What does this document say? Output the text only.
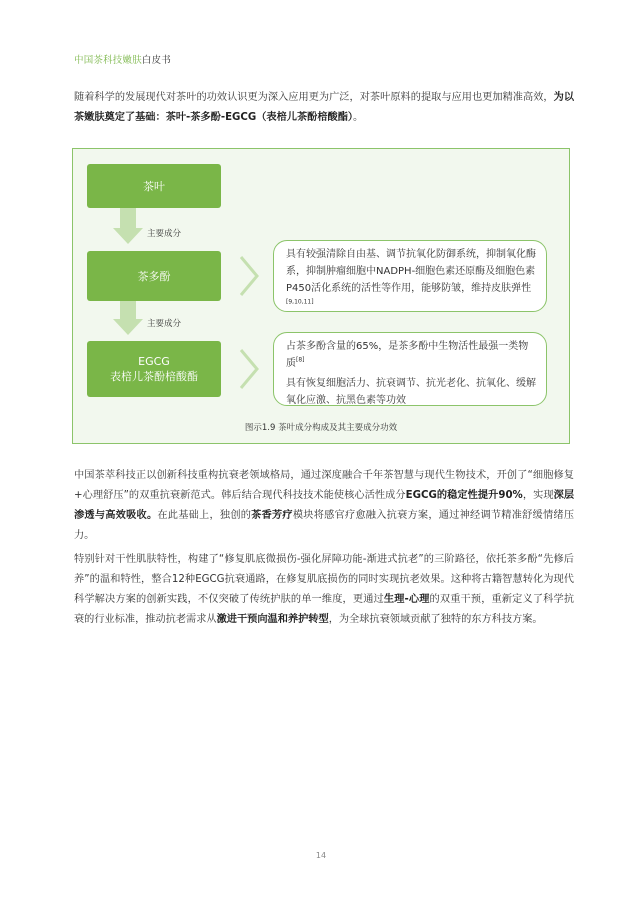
中国茶科技嫩肤白皮书

随着科学的发展现代对茶叶的功效认识更为深入应用更为广泛，对茶叶原料的提取与应用也更加精准高效，为以茶嫩肤奠定了基础：茶叶-茶多酚-EGCG（表棓儿茶酚棓酸酯）。

茶叶
主要成分
茶多酚

具有较强清除自由基、调节抗氧化防御系统，抑制氧化酶系，抑制肿瘤细胞中NADPH-细胞色素还原酶及细胞色素P450活化系统的活性等作用，能够防皱，维持皮肤弹性[9,10,11]

主要成分
EGCG
表棓儿茶酚棓酸酯

占茶多酚含量的65%，是茶多酚中生物活性最强一类物质[8]

具有恢复细胞活力、抗衰调节、抗光老化、抗氧化、缓解氧化应激、抗黑色素等功效

图示1.9 茶叶成分构成及其主要成分功效

中国茶萃科技正以创新科技重构抗衰老领域格局，通过深度融合千年茶智慧与现代生物技术，开创了“细胞修复+心理舒压”的双重抗衰新范式。韩后结合现代科技技术能使核心活性成分EGCG的稳定性提升90%，实现深层渗透与高效吸收。在此基础上，独创的茶香芳疗模块将感官疗愈融入抗衰方案，通过神经调节精准舒缓情绪压力。

特别针对干性肌肤特性，构建了“修复肌底微损伤-强化屏障功能-渐进式抗老”的三阶路径，依托茶多酚“先修后养”的温和特性，整合12种EGCG抗衰通路，在修复肌底损伤的同时实现抗老效果。这种将古籍智慧转化为现代科学解决方案的创新实践，不仅突破了传统护肤的单一维度，更通过生理-心理的双重干预，重新定义了科学抗衰的行业标准，推动抗老需求从激进干预向温和养护转型，为全球抗衰领域贡献了独特的东方科技方案。

14
